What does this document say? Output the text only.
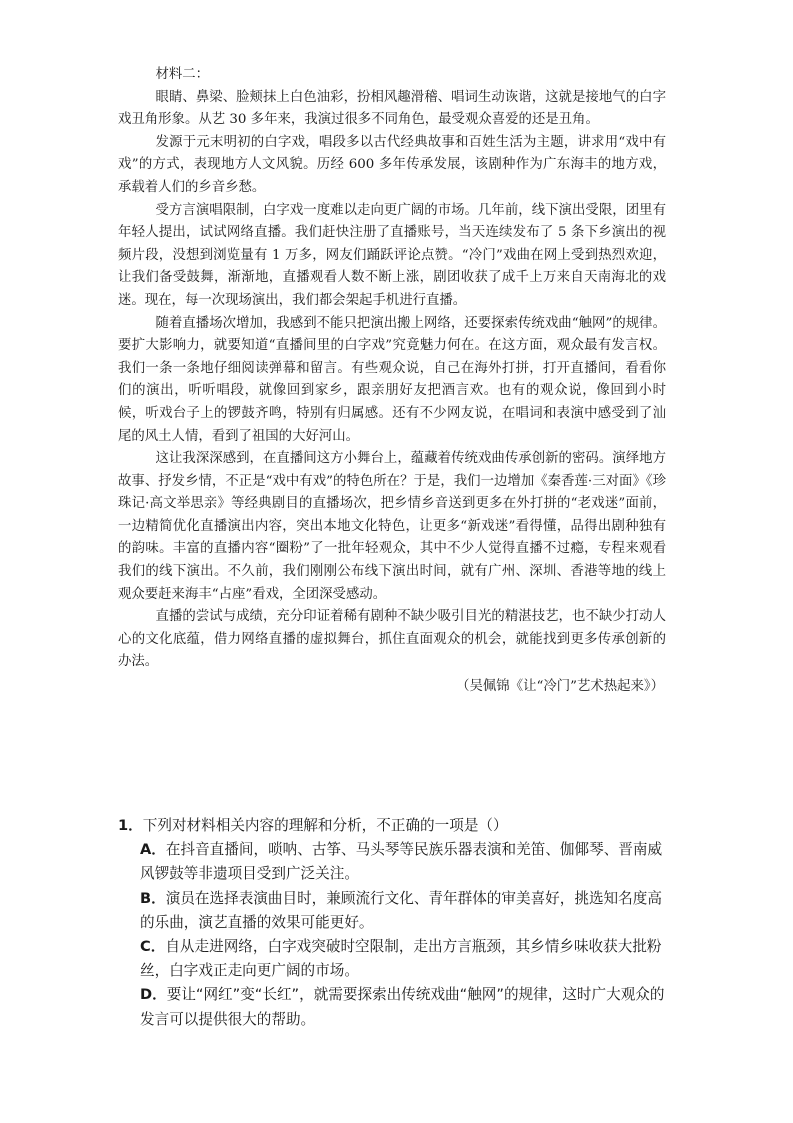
材料二：

眼睛、鼻梁、脸颊抹上白色油彩，扮相风趣滑稽、唱词生动诙谐，这就是接地气的白字戏丑角形象。从艺 30 多年来，我演过很多不同角色，最受观众喜爱的还是丑角。

发源于元末明初的白字戏，唱段多以古代经典故事和百姓生活为主题，讲求用“戏中有戏”的方式，表现地方人文风貌。历经 600 多年传承发展，该剧种作为广东海丰的地方戏，承载着人们的乡音乡愁。

受方言演唱限制，白字戏一度难以走向更广阔的市场。几年前，线下演出受限，团里有年轻人提出，试试网络直播。我们赶快注册了直播账号，当天连续发布了 5 条下乡演出的视频片段，没想到浏览量有 1 万多，网友们踊跃评论点赞。“冷门”戏曲在网上受到热烈欢迎，让我们备受鼓舞，渐渐地，直播观看人数不断上涨，剧团收获了成千上万来自天南海北的戏迷。现在，每一次现场演出，我们都会架起手机进行直播。

随着直播场次增加，我感到不能只把演出搬上网络，还要探索传统戏曲“触网”的规律。要扩大影响力，就要知道“直播间里的白字戏”究竟魅力何在。在这方面，观众最有发言权。我们一条一条地仔细阅读弹幕和留言。有些观众说，自己在海外打拼，打开直播间，看看你们的演出，听听唱段，就像回到家乡，跟亲朋好友把酒言欢。也有的观众说，像回到小时候，听戏台子上的锣鼓齐鸣，特别有归属感。还有不少网友说，在唱词和表演中感受到了汕尾的风土人情，看到了祖国的大好河山。

这让我深深感到，在直播间这方小舞台上，蕴藏着传统戏曲传承创新的密码。演绎地方故事、抒发乡情，不正是“戏中有戏”的特色所在？于是，我们一边增加《秦香莲·三对面》《珍珠记·高文举思亲》等经典剧目的直播场次，把乡情乡音送到更多在外打拼的“老戏迷”面前，一边精简优化直播演出内容，突出本地文化特色，让更多“新戏迷”看得懂，品得出剧种独有的韵味。丰富的直播内容“圈粉”了一批年轻观众，其中不少人觉得直播不过瘾，专程来观看我们的线下演出。不久前，我们刚刚公布线下演出时间，就有广州、深圳、香港等地的线上观众要赶来海丰“占座”看戏，全团深受感动。

直播的尝试与成绩，充分印证着稀有剧种不缺少吸引目光的精湛技艺，也不缺少打动人心的文化底蕴，借力网络直播的虚拟舞台，抓住直面观众的机会，就能找到更多传承创新的办法。

（吴佩锦《让“冷门”艺术热起来》）

1．下列对材料相关内容的理解和分析，不正确的一项是（）

A．在抖音直播间，唢呐、古筝、马头琴等民族乐器表演和羌笛、伽倻琴、晋南威风锣鼓等非遗项目受到广泛关注。

B．演员在选择表演曲目时，兼顾流行文化、青年群体的审美喜好，挑选知名度高的乐曲，演艺直播的效果可能更好。

C．自从走进网络，白字戏突破时空限制，走出方言瓶颈，其乡情乡味收获大批粉丝，白字戏正走向更广阔的市场。

D．要让“网红”变“长红”，就需要探索出传统戏曲“触网”的规律，这时广大观众的发言可以提供很大的帮助。
